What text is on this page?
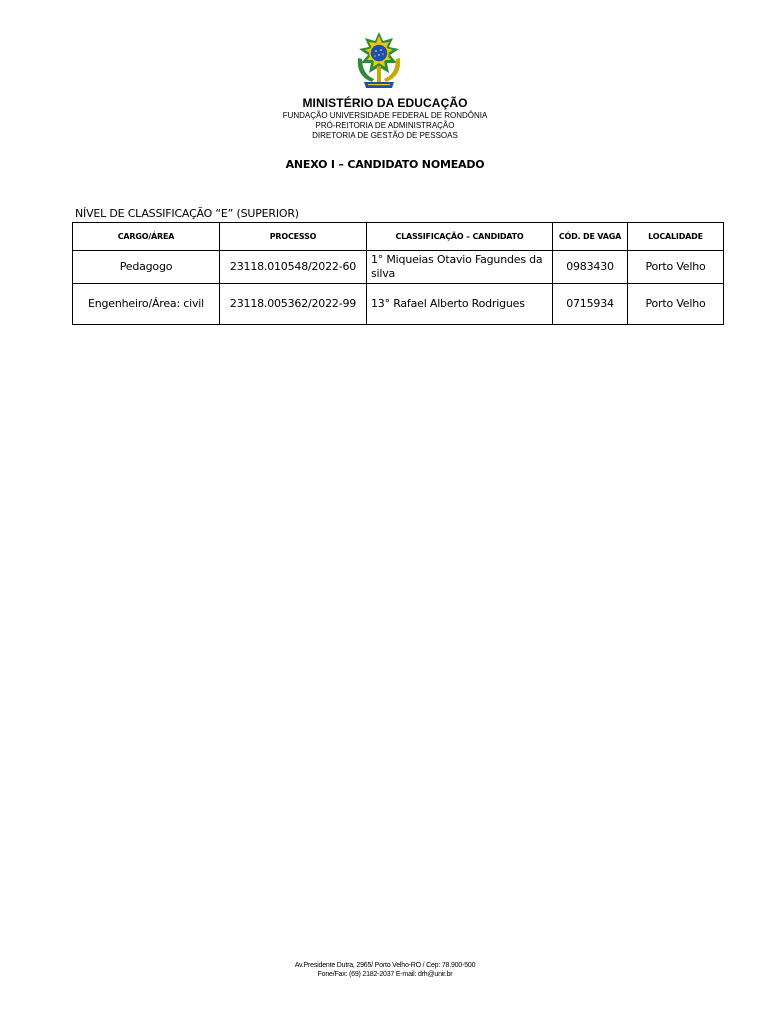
MINISTÉRIO DA EDUCAÇÃO
FUNDAÇÃO UNIVERSIDADE FEDERAL DE RONDÔNIA
PRÓ-REITORIA DE ADMINISTRAÇÃO
DIRETORIA DE GESTÃO DE PESSOAS
ANEXO I – CANDIDATO NOMEADO
NÍVEL DE CLASSIFICAÇÃO “E” (SUPERIOR)
CARGO/ÁREA	PROCESSO	CLASSIFICAÇÃO – CANDIDATO	CÓD. DE VAGA	LOCALIDADE
Pedagogo	23118.010548/2022-60	1° Miqueias Otavio Fagundes da silva	0983430	Porto Velho
Engenheiro/Área: civil	23118.005362/2022-99	13° Rafael Alberto Rodrigues	0715934	Porto Velho
Av.Presidente Dutra, 2965/ Porto Velho-RO / Cep: 78.900-500
Fone/Fax: (69) 2182-2037 E-mail: drh@unir.br
